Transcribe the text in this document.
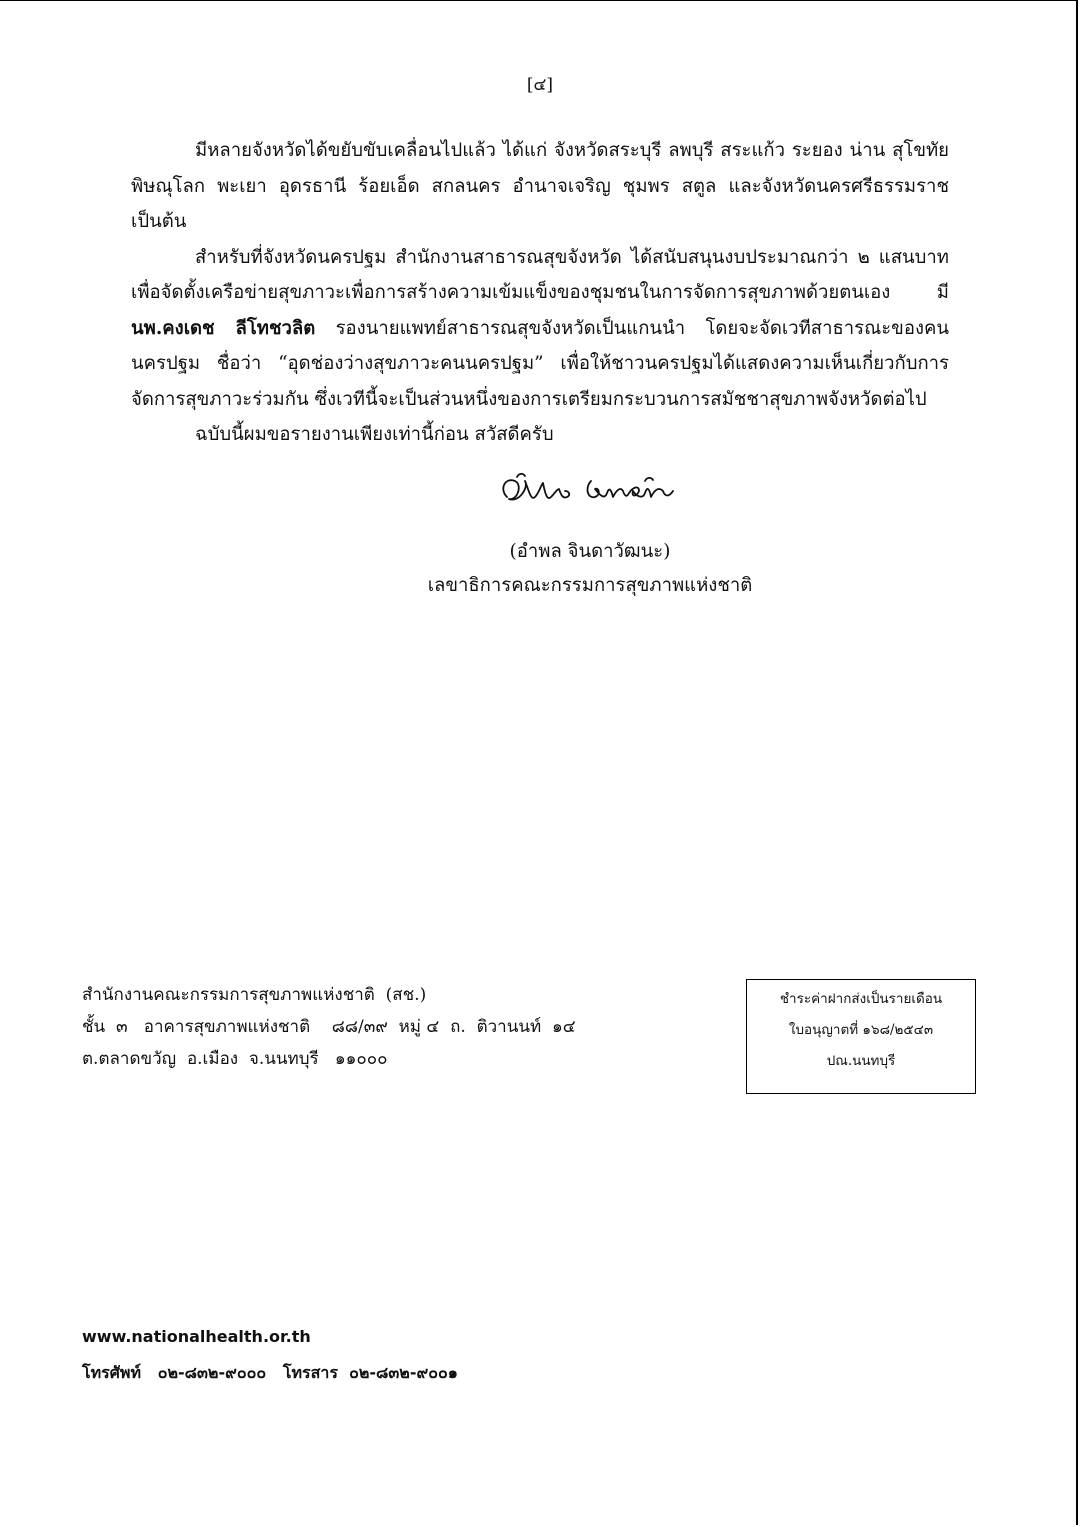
[๔]

มีหลายจังหวัดได้ขยับขับเคลื่อนไปแล้ว ได้แก่ จังหวัดสระบุรี ลพบุรี สระแก้ว ระยอง น่าน สุโขทัย พิษณุโลก พะเยา อุดรธานี ร้อยเอ็ด สกลนคร อำนาจเจริญ ชุมพร สตูล และจังหวัดนครศรีธรรมราช เป็นต้น

สำหรับที่จังหวัดนครปฐม สำนักงานสาธารณสุขจังหวัด ได้สนับสนุนงบประมาณกว่า ๒ แสนบาท เพื่อจัดตั้งเครือข่ายสุขภาวะเพื่อการสร้างความเข้มแข็งของชุมชนในการจัดการสุขภาพด้วยตนเอง มี นพ.คงเดช ลีโทชวลิต รองนายแพทย์สาธารณสุขจังหวัดเป็นแกนนำ โดยจะจัดเวทีสาธารณะของคนนครปฐม ชื่อว่า “อุดช่องว่างสุขภาวะคนนครปฐม” เพื่อให้ชาวนครปฐมได้แสดงความเห็นเกี่ยวกับการจัดการสุขภาวะร่วมกัน ซึ่งเวทีนี้จะเป็นส่วนหนึ่งของการเตรียมกระบวนการสมัชชาสุขภาพจังหวัดต่อไป

ฉบับนี้ผมขอรายงานเพียงเท่านี้ก่อน สวัสดีครับ

(อำพล จินดาวัฒนะ)
เลขาธิการคณะกรรมการสุขภาพแห่งชาติ
สำนักงานคณะกรรมการสุขภาพแห่งชาติ  (สช.)
ชั้น  ๓   อาคารสุขภาพแห่งชาติ    ๘๘/๓๙  หมู่ ๔  ถ.  ติวานนท์  ๑๔
ต.ตลาดขวัญ  อ.เมือง  จ.นนทบุรี   ๑๑๐๐๐
ชำระค่าฝากส่งเป็นรายเดือน
ใบอนุญาตที่ ๑๖๘/๒๕๔๓
ปณ.นนทบุรี
www.nationalhealth.or.th
โทรศัพท์   ๐๒-๘๓๒-๙๐๐๐   โทรสาร  ๐๒-๘๓๒-๙๐๐๑
